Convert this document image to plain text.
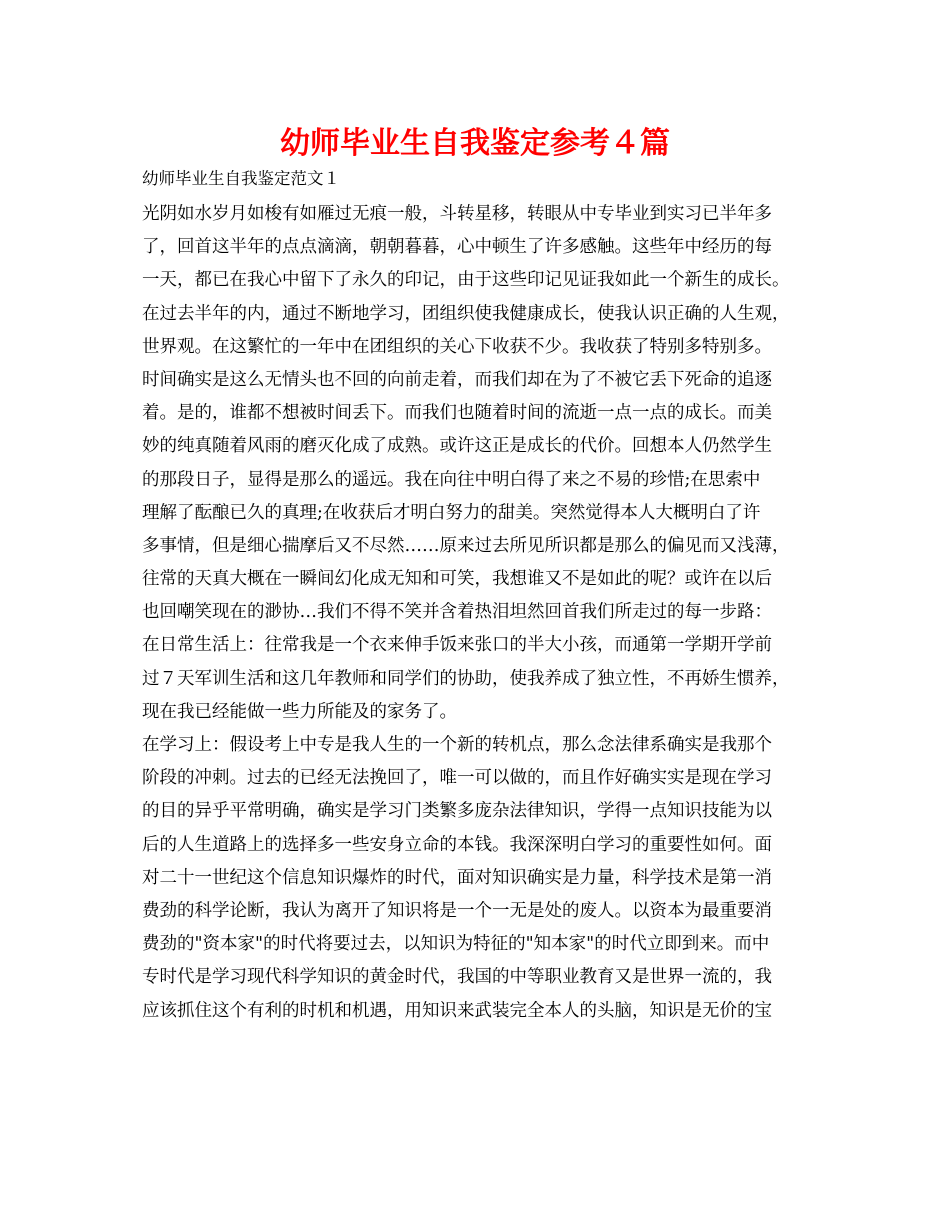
幼师毕业生自我鉴定参考４篇
幼师毕业生自我鉴定范文１
光阴如水岁月如梭有如雁过无痕一般，斗转星移，转眼从中专毕业到实习已半年多
了，回首这半年的点点滴滴，朝朝暮暮，心中顿生了许多感触。这些年中经历的每
一天，都已在我心中留下了永久的印记，由于这些印记见证我如此一个新生的成长。
在过去半年的内，通过不断地学习，团组织使我健康成长，使我认识正确的人生观，
世界观。在这繁忙的一年中在团组织的关心下收获不少。我收获了特别多特别多。
时间确实是这么无情头也不回的向前走着，而我们却在为了不被它丢下死命的追逐
着。是的，谁都不想被时间丢下。而我们也随着时间的流逝一点一点的成长。而美
妙的纯真随着风雨的磨灭化成了成熟。或许这正是成长的代价。回想本人仍然学生
的那段日子，显得是那么的遥远。我在向往中明白得了来之不易的珍惜;在思索中
理解了酝酿已久的真理;在收获后才明白努力的甜美。突然觉得本人大概明白了许
多事情，但是细心揣摩后又不尽然……原来过去所见所识都是那么的偏见而又浅薄，
往常的天真大概在一瞬间幻化成无知和可笑，我想谁又不是如此的呢？或许在以后
也回嘲笑现在的渺协…我们不得不笑并含着热泪坦然回首我们所走过的每一步路：
在日常生活上：往常我是一个衣来伸手饭来张口的半大小孩，而通第一学期开学前
过７天军训生活和这几年教师和同学们的协助，使我养成了独立性，不再娇生惯养，
现在我已经能做一些力所能及的家务了。
在学习上：假设考上中专是我人生的一个新的转机点，那么念法律系确实是我那个
阶段的冲刺。过去的已经无法挽回了，唯一可以做的，而且作好确实实是现在学习
的目的异乎平常明确，确实是学习门类繁多庞杂法律知识，学得一点知识技能为以
后的人生道路上的选择多一些安身立命的本钱。我深深明白学习的重要性如何。面
对二十一世纪这个信息知识爆炸的时代，面对知识确实是力量，科学技术是第一消
费劲的科学论断，我认为离开了知识将是一个一无是处的废人。以资本为最重要消
费劲的"资本家"的时代将要过去，以知识为特征的"知本家"的时代立即到来。而中
专时代是学习现代科学知识的黄金时代，我国的中等职业教育又是世界一流的，我
应该抓住这个有利的时机和机遇，用知识来武装完全本人的头脑，知识是无价的宝
